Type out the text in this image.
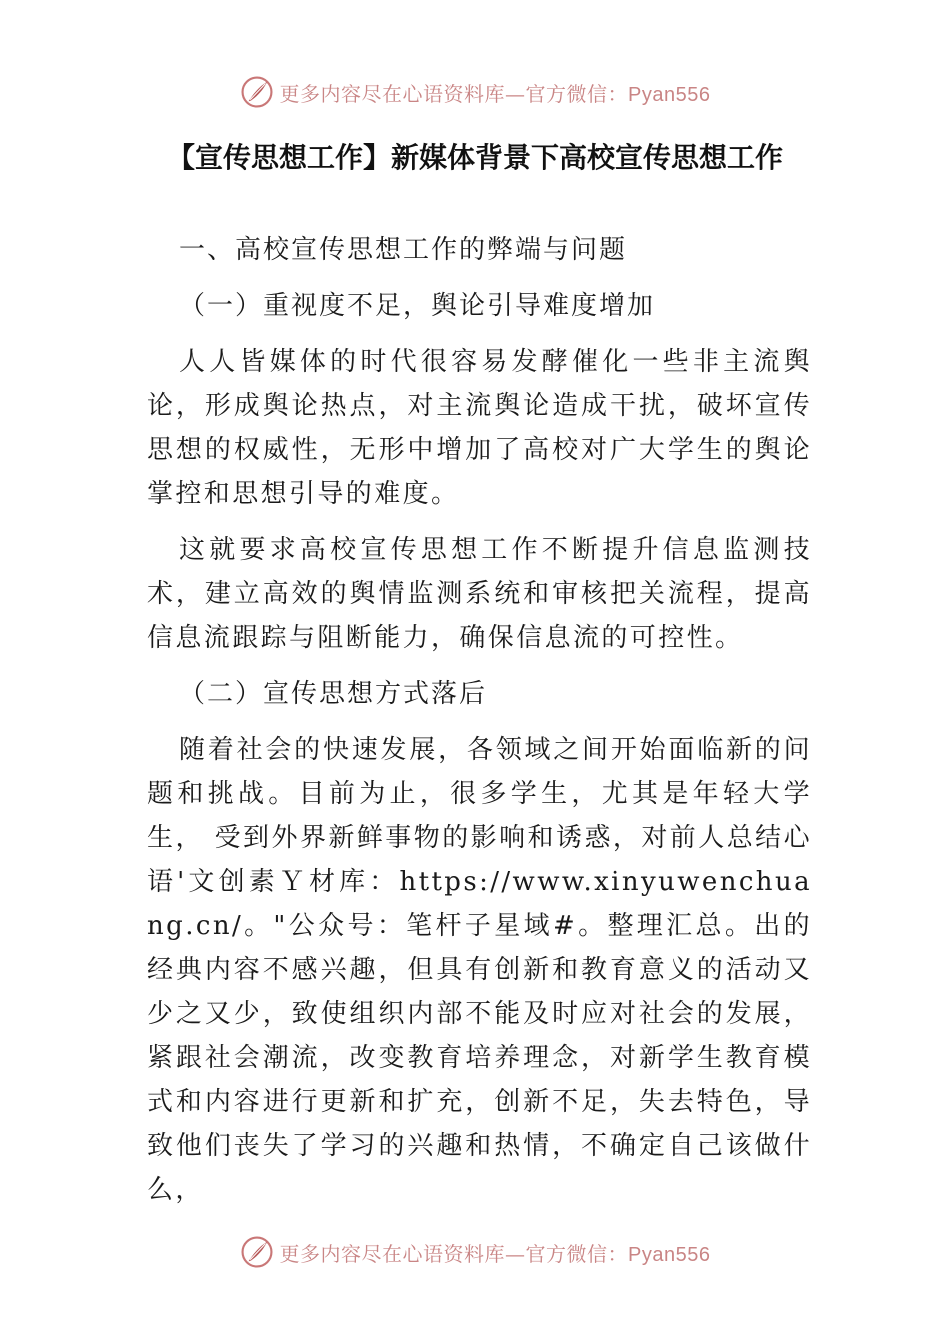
更多内容尽在心语资料库—官方微信：Pyan556
【宣传思想工作】新媒体背景下高校宣传思想工作
一、高校宣传思想工作的弊端与问题
（一）重视度不足，舆论引导难度增加

人人皆媒体的时代很容易发酵催化一些非主流舆论，形成舆论热点，对主流舆论造成干扰，破坏宣传思想的权威性，无形中增加了高校对广大学生的舆论掌控和思想引导的难度。

这就要求高校宣传思想工作不断提升信息监测技术，建立高效的舆情监测系统和审核把关流程，提高信息流跟踪与阻断能力，确保信息流的可控性。

（二）宣传思想方式落后

随着社会的快速发展，各领域之间开始面临新的问题和挑战。目前为止，很多学生，尤其是年轻大学生， 受到外界新鲜事物的影响和诱惑，对前人总结心语'文创素Ｙ材库：https://www.xinyuwenchuang.cn/。"公众号：笔杆子星域#。整理汇总。出的经典内容不感兴趣，但具有创新和教育意义的活动又少之又少，致使组织内部不能及时应对社会的发展，紧跟社会潮流，改变教育培养理念，对新学生教育模式和内容进行更新和扩充，创新不足，失去特色，导致他们丧失了学习的兴趣和热情，不确定自己该做什么，

更多内容尽在心语资料库—官方微信：Pyan556
